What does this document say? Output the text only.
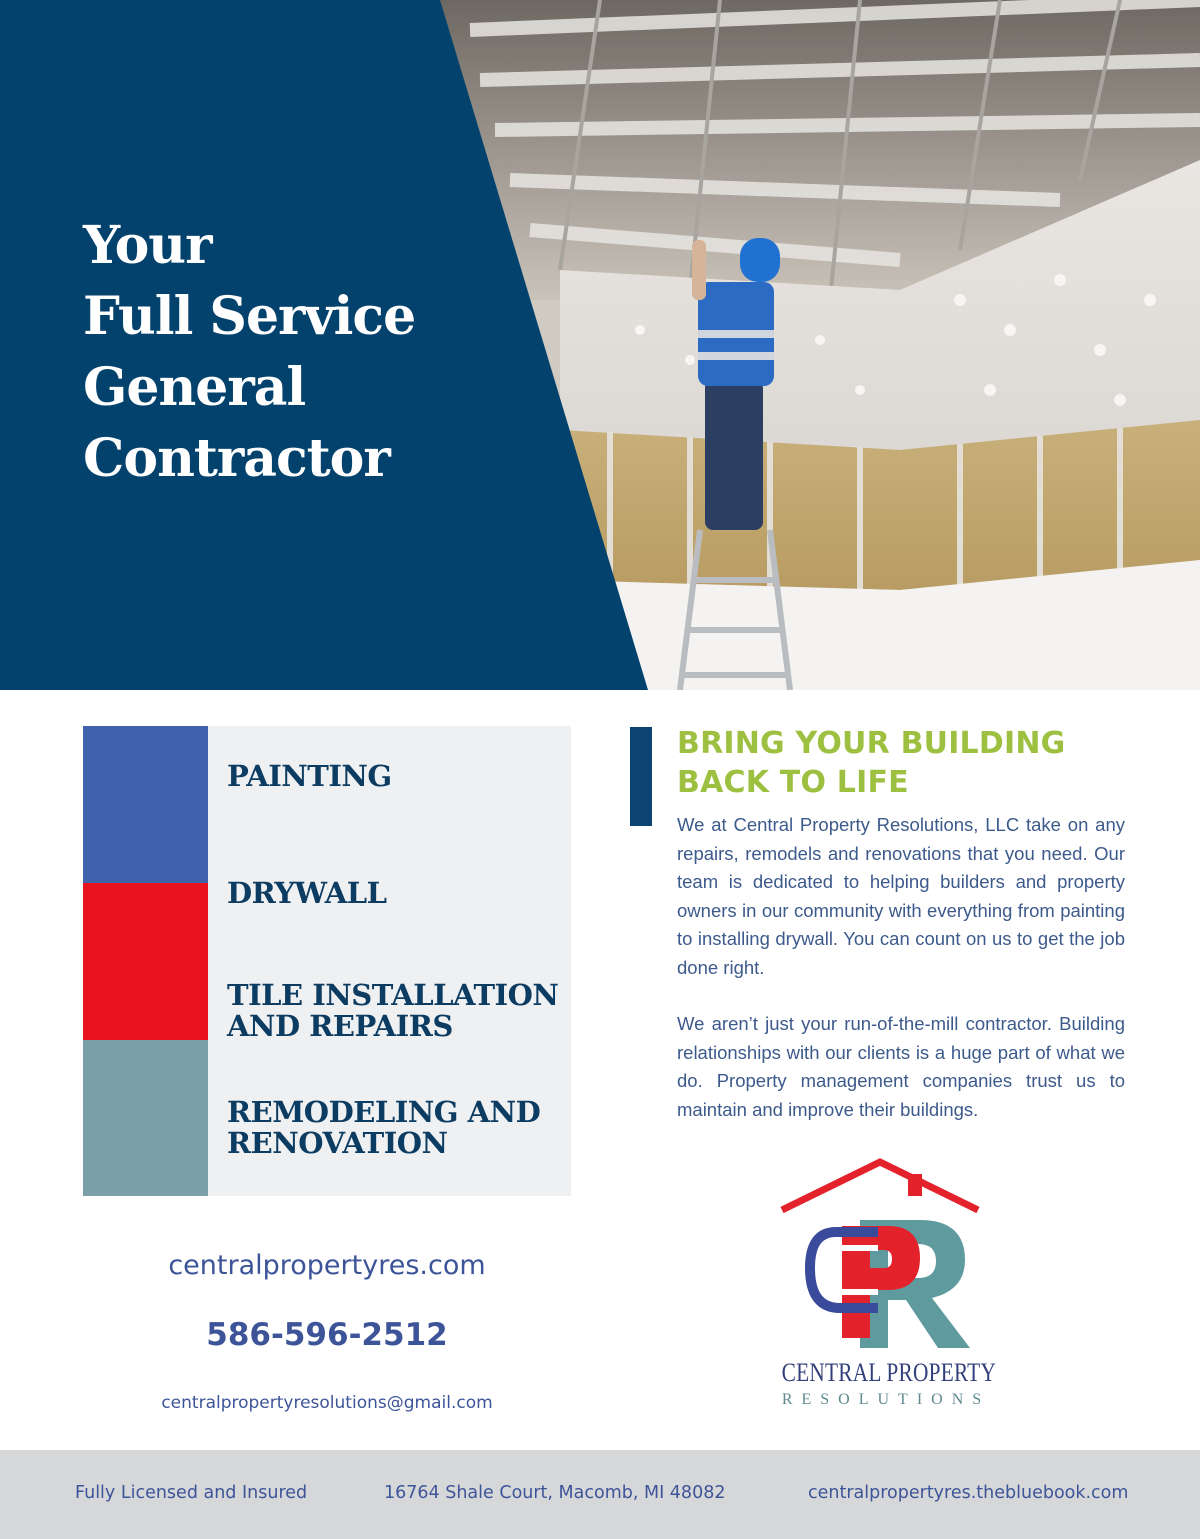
Your
Full Service
General
Contractor
PAINTING
DRYWALL
TILE INSTALLATION
AND REPAIRS
REMODELING AND
RENOVATION
BRING YOUR BUILDING
BACK TO LIFE

We at Central Property Resolutions, LLC take on any repairs, remodels and renovations that you need. Our team is dedicated to helping builders and property owners in our community with everything from painting to installing drywall. You can count on us to get the job done right.

We aren’t just your run-of-the-mill contractor. Building relationships with our clients is a huge part of what we do. Property management companies trust us to maintain and improve their buildings.

centralpropertyres.com
586-596-2512
centralpropertyresolutions@gmail.com
CENTRAL PROPERTY
RESOLUTIONS
Fully Licensed and Insured	16764 Shale Court, Macomb, MI 48082	centralpropertyres.thebluebook.com
